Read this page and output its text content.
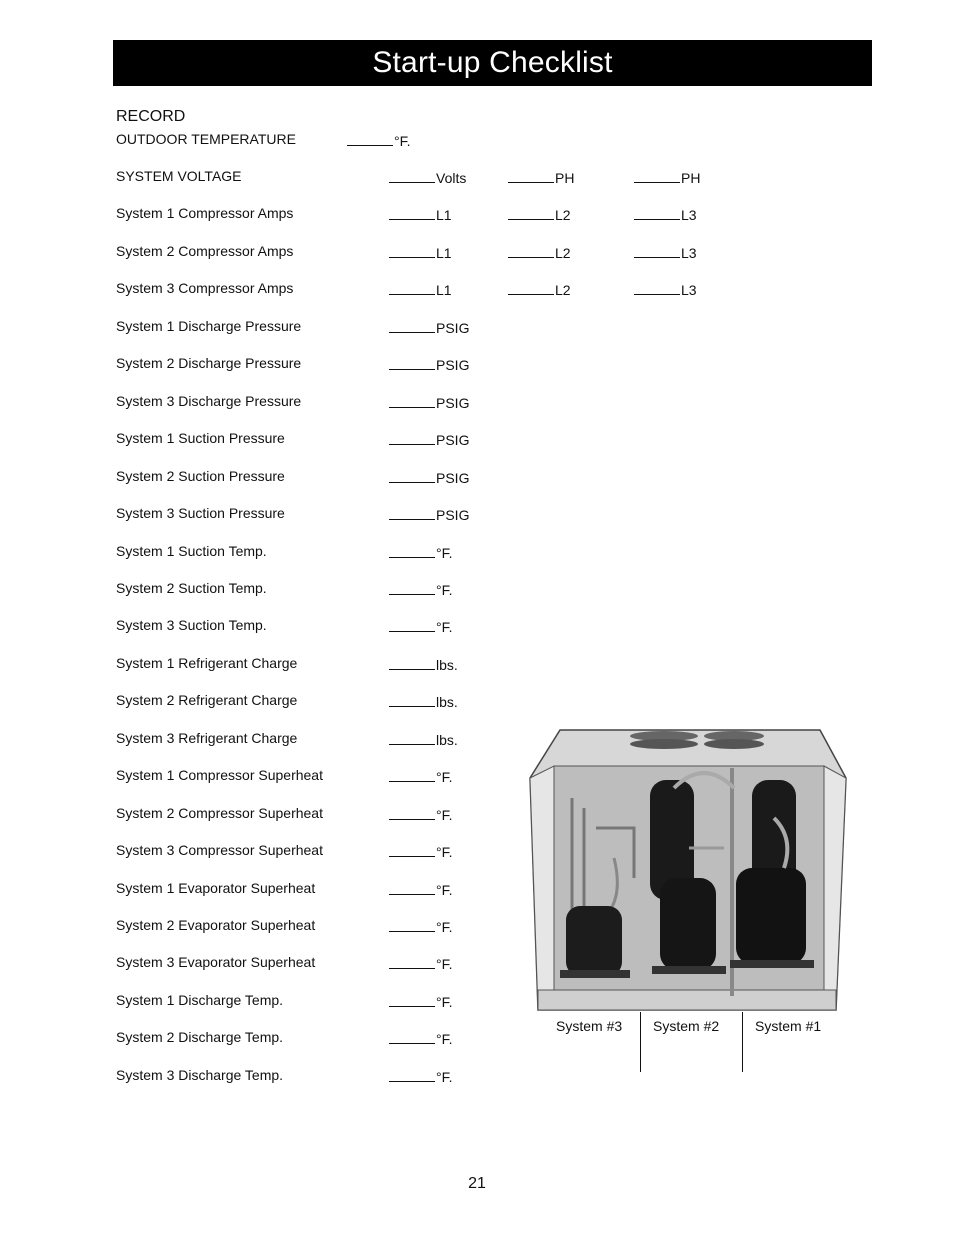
Start-up Checklist
RECORD
OUTDOOR TEMPERATURE	°F.
SYSTEM VOLTAGE	Volts	PH	PH
System 1 Compressor Amps	L1	L2	L3
System 2 Compressor Amps	L1	L2	L3
System 3 Compressor Amps	L1	L2	L3
System 1 Discharge Pressure	PSIG
System 2 Discharge Pressure	PSIG
System 3 Discharge Pressure	PSIG
System 1 Suction Pressure	PSIG
System 2 Suction Pressure	PSIG
System 3 Suction Pressure	PSIG
System 1 Suction Temp.	°F.
System 2 Suction Temp.	°F.
System 3 Suction Temp.	°F.
System 1 Refrigerant Charge	lbs.
System 2 Refrigerant Charge	lbs.
System 3 Refrigerant Charge	lbs.
System 1 Compressor Superheat	°F.
System 2 Compressor Superheat	°F.
System 3 Compressor Superheat	°F.
System 1 Evaporator Superheat	°F.
System 2 Evaporator Superheat	°F.
System 3 Evaporator Superheat	°F.
System 1 Discharge Temp.	°F.
System 2 Discharge Temp.	°F.
System 3 Discharge Temp.	°F.
System #3 System #2	System #1
21
